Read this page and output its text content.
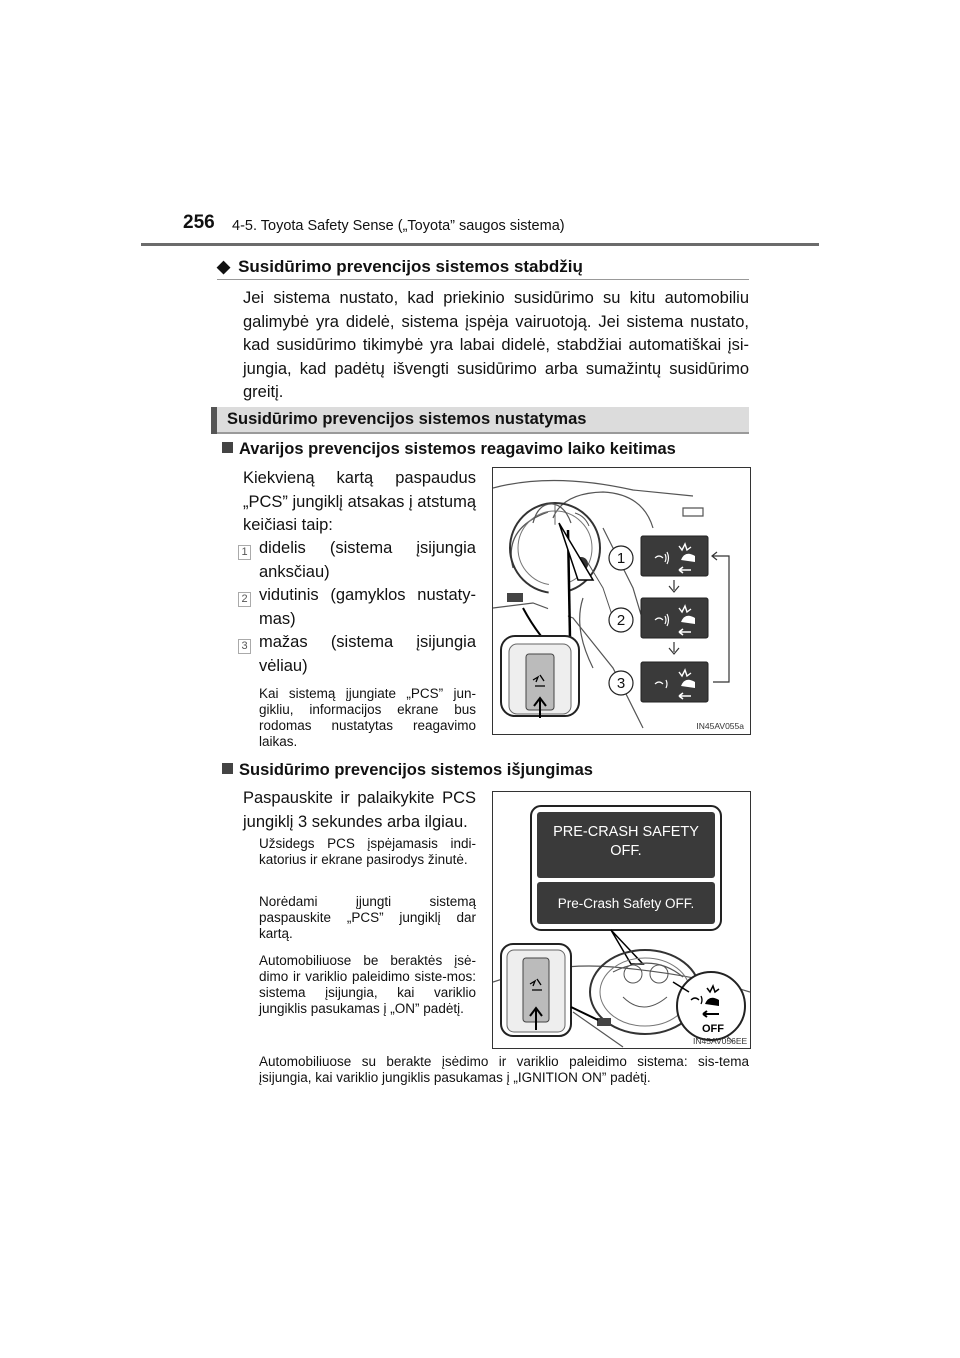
256 4-5. Toyota Safety Sense („Toyota” saugos sistema)
◆ Susidūrimo prevencijos sistemos stabdžių
Jei sistema nustato, kad priekinio susidūrimo su kitu automobiliu galimybė yra didelė, sistema įspėja vairuotoją. Jei sistema nustato, kad susidūrimo tikimybė yra labai didelė, stabdžiai automatiškai įsi-jungia, kad padėtų išvengti susidūrimo arba sumažintų susidūrimo greitį.
Susidūrimo prevencijos sistemos nustatymas
Avarijos prevencijos sistemos reagavimo laiko keitimas
Kiekvieną kartą paspaudus „PCS” jungiklį atsakas į atstumą keičiasi taip:
1 didelis (sistema įsijungia anksčiau)
2 vidutinis (gamyklos nustaty-mas)
3 mažas (sistema įsijungia vėliau)
Kai sistemą įjungiate „PCS” jun-gikliu, informacijos ekrane bus rodomas nustatytas reagavimo laikas.
1
2
3
IN45AV055a
Susidūrimo prevencijos sistemos išjungimas
Paspauskite ir palaikykite PCS jungiklį 3 sekundes arba ilgiau.
Užsidegs PCS įspėjamasis indi-katorius ir ekrane pasirodys žinutė.
Norėdami įjungti sistemą paspauskite „PCS” jungiklį dar kartą.
Automobiliuose be beraktės įsė-dimo ir variklio paleidimo siste-mos: sistema įsijungia, kai variklio jungiklis pasukamas į „ON” padėtį.
Automobiliuose su berakte įsėdimo ir variklio paleidimo sistema: sis-tema įsijungia, kai variklio jungiklis pasukamas į „IGNITION ON” padėtį.
PRE-CRASH SAFETY
OFF.
Pre-Crash Safety OFF.
OFF
IN45AV056EE
